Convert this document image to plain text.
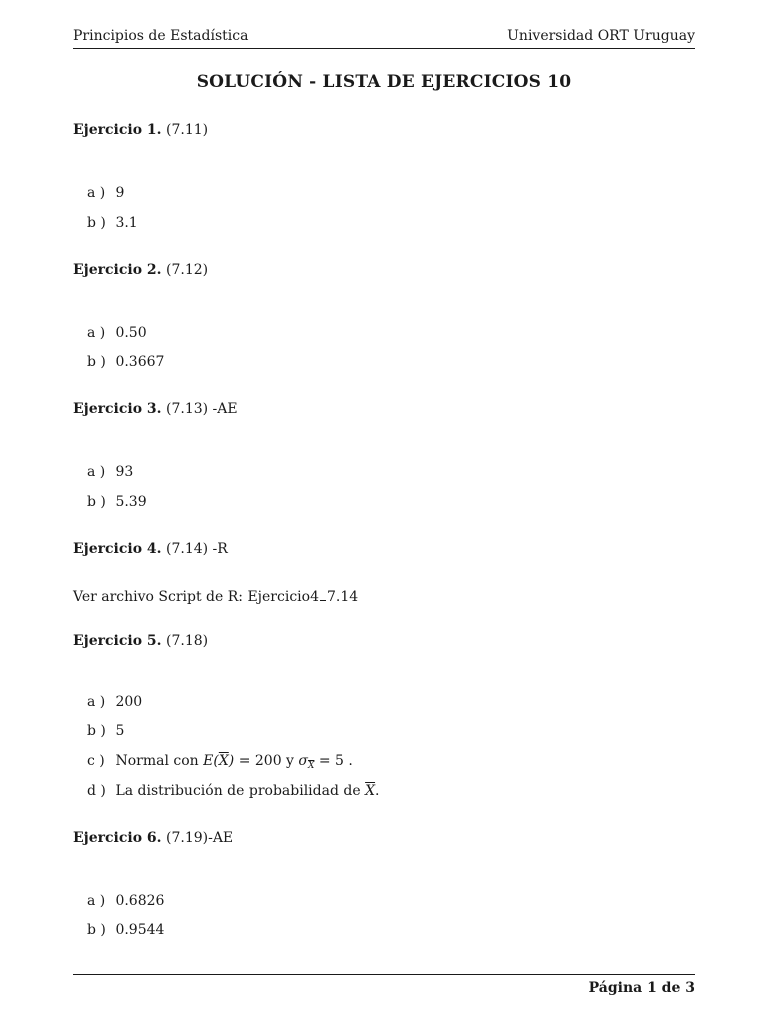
Principios de Estadística	Universidad ORT Uruguay
SOLUCIÓN - LISTA DE EJERCICIOS 10
Ejercicio 1. (7.11)
a ) 9
b ) 3.1
Ejercicio 2. (7.12)
a ) 0.50
b ) 0.3667
Ejercicio 3. (7.13) -AE
a ) 93
b ) 5.39
Ejercicio 4. (7.14) -R
Ver archivo Script de R: Ejercicio4 7.14
Ejercicio 5. (7.18)
a ) 200
b ) 5
c ) Normal con $E(\overline{X}) = 200$ y $\sigma_{\overline{X}} = 5$ .
d ) La distribución de probabilidad de $\overline{X}$.
Ejercicio 6. (7.19)-AE
a ) 0.6826
b ) 0.9544
Página 1 de 3
